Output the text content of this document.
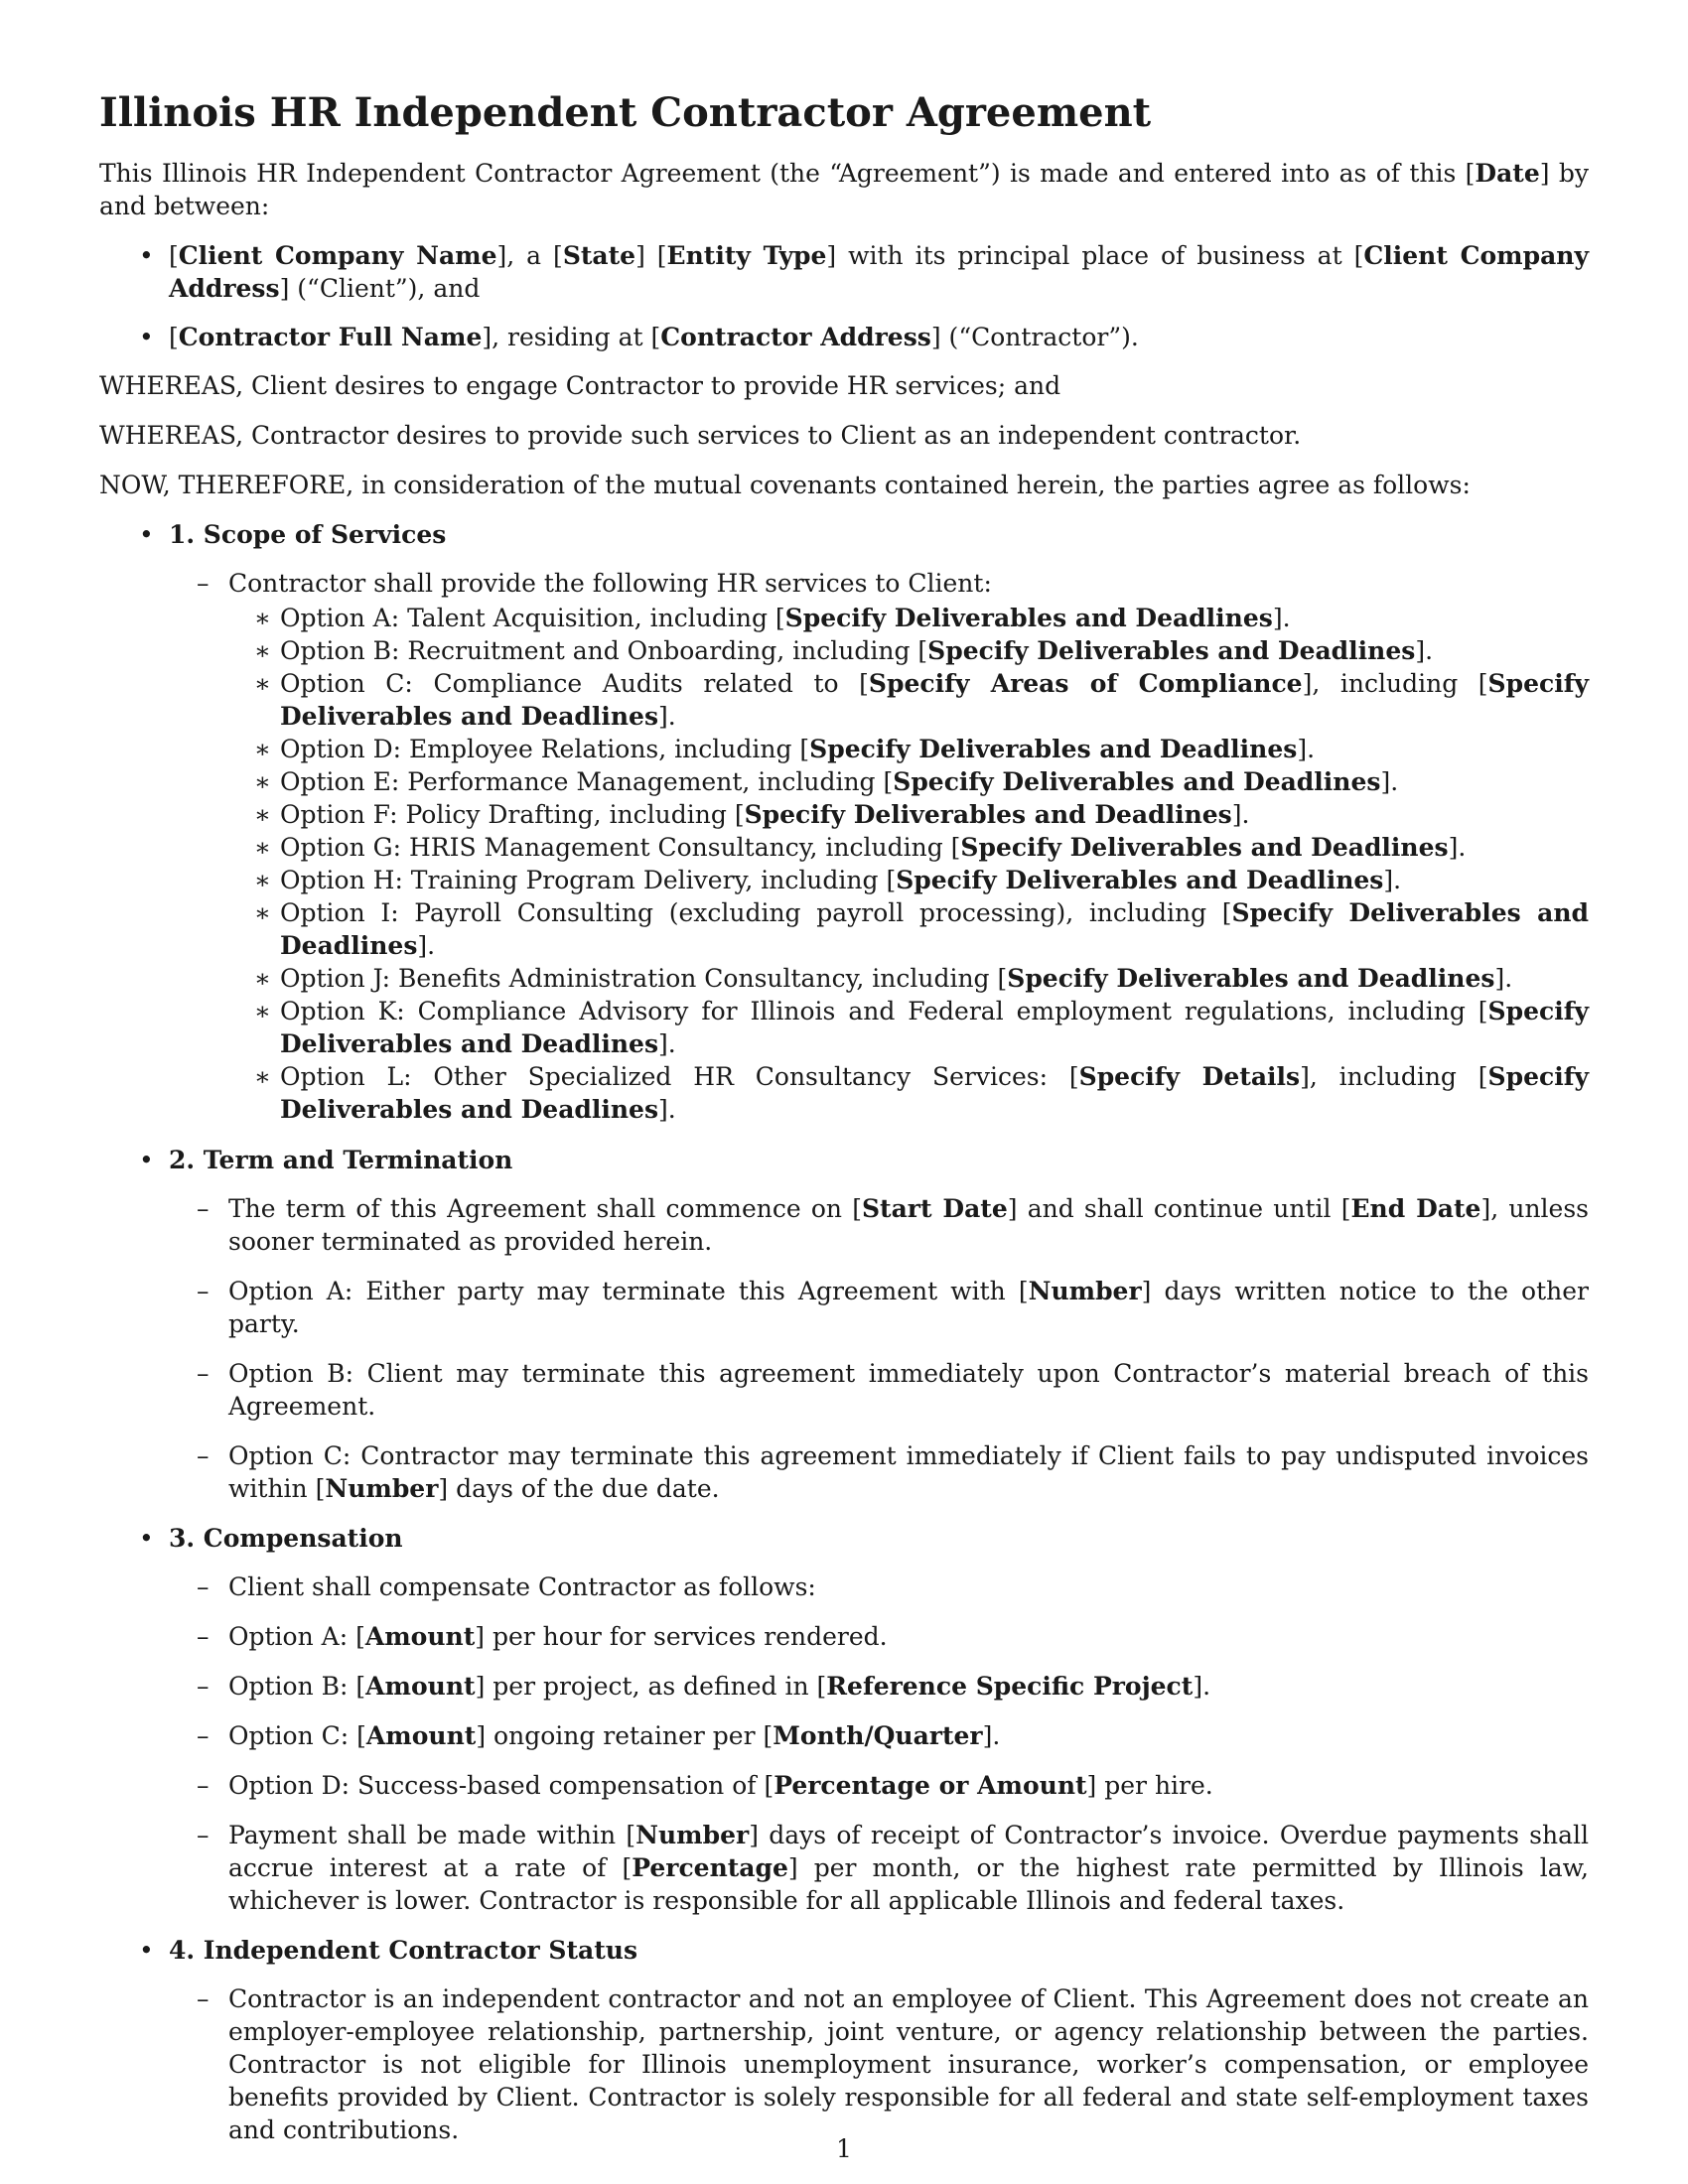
Illinois HR Independent Contractor Agreement

This Illinois HR Independent Contractor Agreement (the “Agreement”) is made and entered into as of this [Date] by and between:

• [Client Company Name], a [State] [Entity Type] with its principal place of business at [Client Company Address] (“Client”), and
• [Contractor Full Name], residing at [Contractor Address] (“Contractor”).

WHEREAS, Client desires to engage Contractor to provide HR services; and

WHEREAS, Contractor desires to provide such services to Client as an independent contractor.

NOW, THEREFORE, in consideration of the mutual covenants contained herein, the parties agree as follows:

• 1. Scope of Services
– Contractor shall provide the following HR services to Client:
∗ Option A: Talent Acquisition, including [Specify Deliverables and Deadlines].
∗ Option B: Recruitment and Onboarding, including [Specify Deliverables and Deadlines].
∗ Option C: Compliance Audits related to [Specify Areas of Compliance], including [Specify Deliverables and Deadlines].
∗ Option D: Employee Relations, including [Specify Deliverables and Deadlines].
∗ Option E: Performance Management, including [Specify Deliverables and Deadlines].
∗ Option F: Policy Drafting, including [Specify Deliverables and Deadlines].
∗ Option G: HRIS Management Consultancy, including [Specify Deliverables and Deadlines].
∗ Option H: Training Program Delivery, including [Specify Deliverables and Deadlines].
∗ Option I: Payroll Consulting (excluding payroll processing), including [Specify Deliverables and Deadlines].
∗ Option J: Benefits Administration Consultancy, including [Specify Deliverables and Deadlines].
∗ Option K: Compliance Advisory for Illinois and Federal employment regulations, including [Specify Deliverables and Deadlines].
∗ Option L: Other Specialized HR Consultancy Services: [Specify Details], including [Specify Deliverables and Deadlines].
• 2. Term and Termination
– The term of this Agreement shall commence on [Start Date] and shall continue until [End Date], unless sooner terminated as provided herein.
– Option A: Either party may terminate this Agreement with [Number] days written notice to the other party.
– Option B: Client may terminate this agreement immediately upon Contractor’s material breach of this Agreement.
– Option C: Contractor may terminate this agreement immediately if Client fails to pay undisputed invoices within [Number] days of the due date.
• 3. Compensation
– Client shall compensate Contractor as follows:
– Option A: [Amount] per hour for services rendered.
– Option B: [Amount] per project, as defined in [Reference Specific Project].
– Option C: [Amount] ongoing retainer per [Month/Quarter].
– Option D: Success-based compensation of [Percentage or Amount] per hire.
– Payment shall be made within [Number] days of receipt of Contractor’s invoice. Overdue payments shall accrue interest at a rate of [Percentage] per month, or the highest rate permitted by Illinois law, whichever is lower. Contractor is responsible for all applicable Illinois and federal taxes.
• 4. Independent Contractor Status
– Contractor is an independent contractor and not an employee of Client. This Agreement does not create an employer-employee relationship, partnership, joint venture, or agency relationship between the parties. Contractor is not eligible for Illinois unemployment insurance, worker’s compensation, or employee benefits provided by Client. Contractor is solely responsible for all federal and state self-employment taxes and contributions.
1
